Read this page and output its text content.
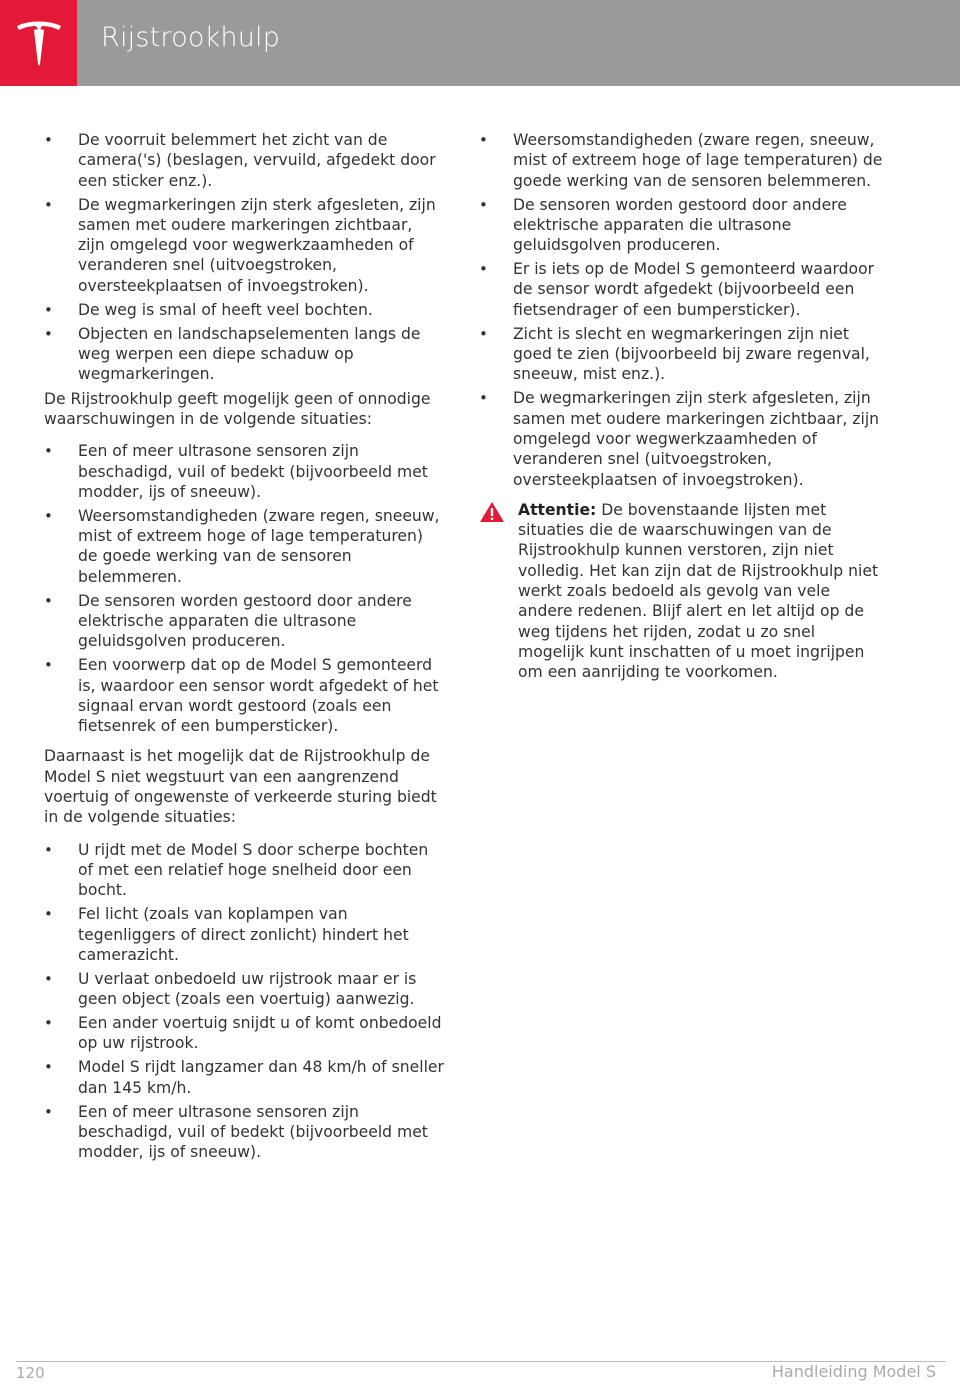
Rijstrookhulp
•	De voorruit belemmert het zicht van de camera('s) (beslagen, vervuild, afgedekt door een sticker enz.).
•	De wegmarkeringen zijn sterk afgesleten, zijn samen met oudere markeringen zichtbaar, zijn omgelegd voor wegwerkzaamheden of veranderen snel (uitvoegstroken, oversteekplaatsen of invoegstroken).
•	De weg is smal of heeft veel bochten.
•	Objecten en landschapselementen langs de weg werpen een diepe schaduw op wegmarkeringen.

De Rijstrookhulp geeft mogelijk geen of onnodige waarschuwingen in de volgende situaties:

•	Een of meer ultrasone sensoren zijn beschadigd, vuil of bedekt (bijvoorbeeld met modder, ijs of sneeuw).
•	Weersomstandigheden (zware regen, sneeuw, mist of extreem hoge of lage temperaturen) de goede werking van de sensoren belemmeren.
•	De sensoren worden gestoord door andere elektrische apparaten die ultrasone geluidsgolven produceren.
•	Een voorwerp dat op de Model S gemonteerd is, waardoor een sensor wordt afgedekt of het signaal ervan wordt gestoord (zoals een fietsenrek of een bumpersticker).

Daarnaast is het mogelijk dat de Rijstrookhulp de Model S niet wegstuurt van een aangrenzend voertuig of ongewenste of verkeerde sturing biedt in de volgende situaties:

•	U rijdt met de Model S door scherpe bochten of met een relatief hoge snelheid door een bocht.
•	Fel licht (zoals van koplampen van tegenliggers of direct zonlicht) hindert het camerazicht.
•	U verlaat onbedoeld uw rijstrook maar er is geen object (zoals een voertuig) aanwezig.
•	Een ander voertuig snijdt u of komt onbedoeld op uw rijstrook.
•	Model S rijdt langzamer dan 48 km/h of sneller dan 145 km/h.
•	Een of meer ultrasone sensoren zijn beschadigd, vuil of bedekt (bijvoorbeeld met modder, ijs of sneeuw).
•	Weersomstandigheden (zware regen, sneeuw, mist of extreem hoge of lage temperaturen) de goede werking van de sensoren belemmeren.
•	De sensoren worden gestoord door andere elektrische apparaten die ultrasone geluidsgolven produceren.
•	Er is iets op de Model S gemonteerd waardoor de sensor wordt afgedekt (bijvoorbeeld een fietsendrager of een bumpersticker).
•	Zicht is slecht en wegmarkeringen zijn niet goed te zien (bijvoorbeeld bij zware regenval, sneeuw, mist enz.).
•	De wegmarkeringen zijn sterk afgesleten, zijn samen met oudere markeringen zichtbaar, zijn omgelegd voor wegwerkzaamheden of veranderen snel (uitvoegstroken, oversteekplaatsen of invoegstroken).
Attentie: De bovenstaande lijsten met situaties die de waarschuwingen van de Rijstrookhulp kunnen verstoren, zijn niet volledig. Het kan zijn dat de Rijstrookhulp niet werkt zoals bedoeld als gevolg van vele andere redenen. Blijf alert en let altijd op de weg tijdens het rijden, zodat u zo snel mogelijk kunt inschatten of u moet ingrijpen om een aanrijding te voorkomen.
120	Handleiding Model S
